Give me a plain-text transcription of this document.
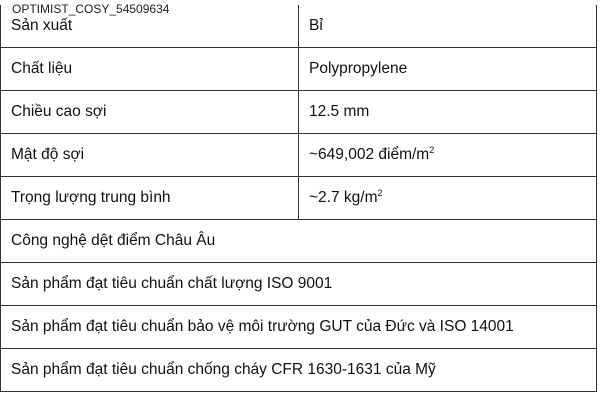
OPTIMIST_COSY_54509634
Sản xuất	Bỉ
Chất liệu	Polypropylene
Chiều cao sợi	12.5 mm
Mật độ sợi	~649,002 điểm/$m^2$
Trọng lượng trung bình	~2.7 $kg/m^2$
Công nghệ dệt điểm Châu Âu	
Sản phẩm đạt tiêu chuẩn chất lượng ISO 9001	
Sản phẩm đạt tiêu chuẩn bảo vệ môi trường GUT của Đức và ISO 14001	
Sản phẩm đạt tiêu chuẩn chống cháy CFR 1630-1631 của Mỹ	
